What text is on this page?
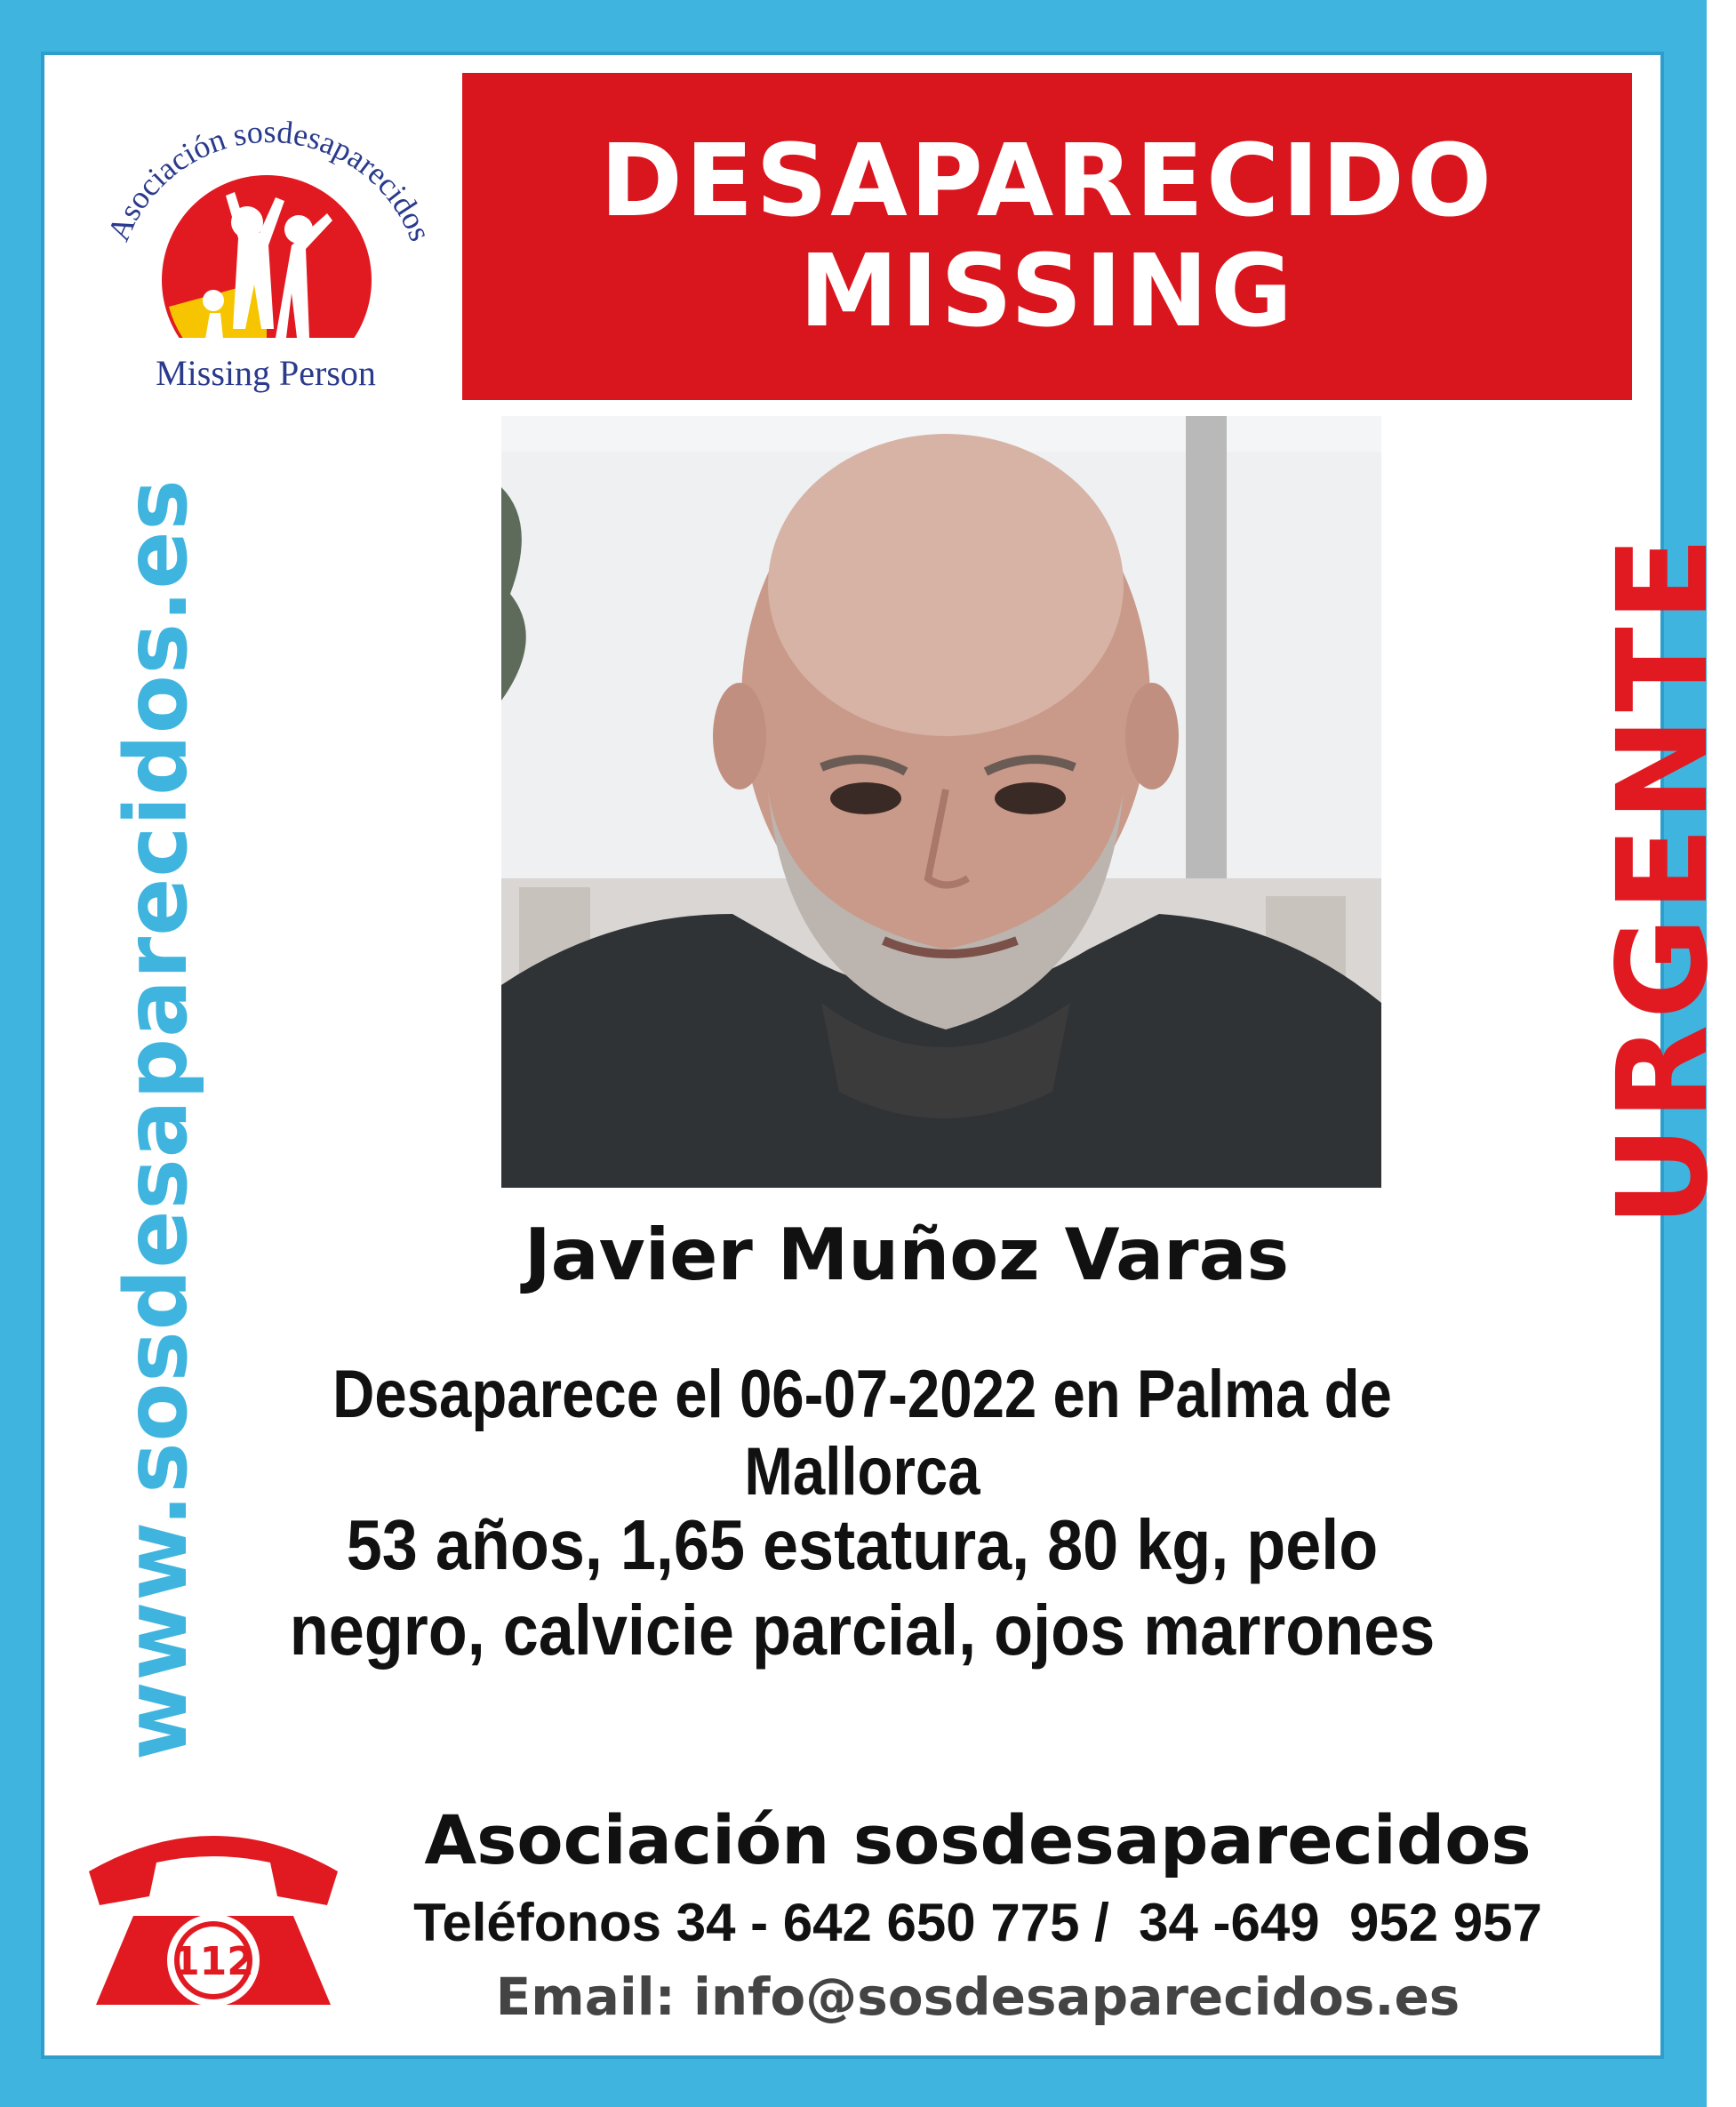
Asociación sosdesaparecidos
Missing Person
DESAPARECIDO
MISSING
www.sosdesaparecidos.es	URGENTE
Javier Muñoz Varas
Desaparece el 06-07-2022 en Palma de Mallorca
53 años, 1,65 estatura, 80 kg, pelo
negro, calvicie parcial, ojos marrones
112
Asociación sosdesaparecidos
Teléfonos 34 - 642 650 775 /  34 -649  952 957
Email: info@sosdesaparecidos.es
